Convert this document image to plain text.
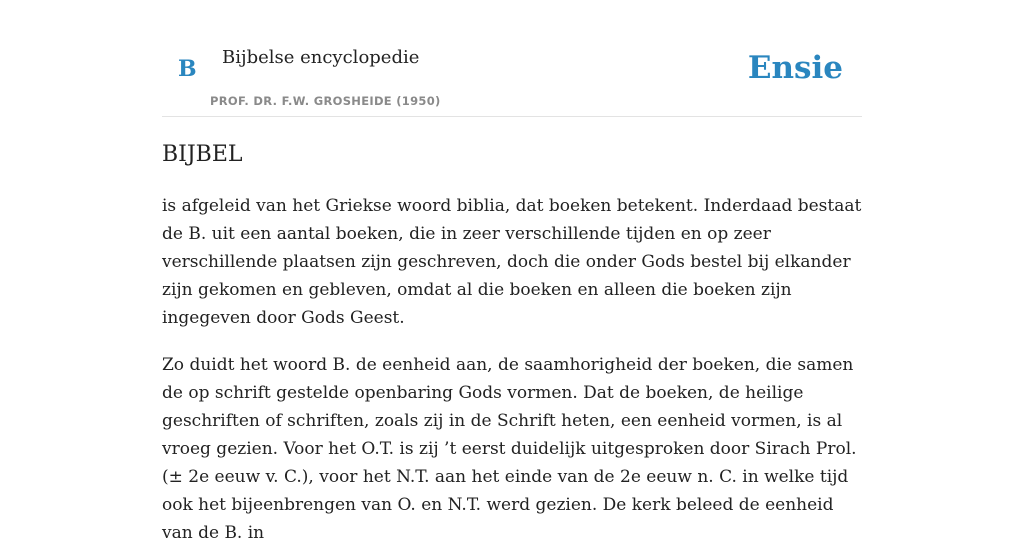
B Bijbelse encyclopedie
PROF. DR. F.W. GROSHEIDE (1950)
Ensie
BIJBEL

is afgeleid van het Griekse woord biblia, dat boeken betekent. Inderdaad bestaat de B. uit een aantal boeken, die in zeer verschillende tijden en op zeer verschillende plaatsen zijn geschreven, doch die onder Gods bestel bij elkander zijn gekomen en gebleven, omdat al die boeken en alleen die boeken zijn ingegeven door Gods Geest.

Zo duidt het woord B. de eenheid aan, de saamhorigheid der boeken, die samen de op schrift gestelde openbaring Gods vormen. Dat de boeken, de heilige geschriften of schriften, zoals zij in de Schrift heten, een eenheid vormen, is al vroeg gezien. Voor het O.T. is zij ’t eerst duidelijk uitgesproken door Sirach Prol. (± 2e eeuw v. C.), voor het N.T. aan het einde van de 2e eeuw n. C. in welke tijd ook het bijeenbrengen van O. en N.T. werd gezien. De kerk beleed de eenheid van de B. in
